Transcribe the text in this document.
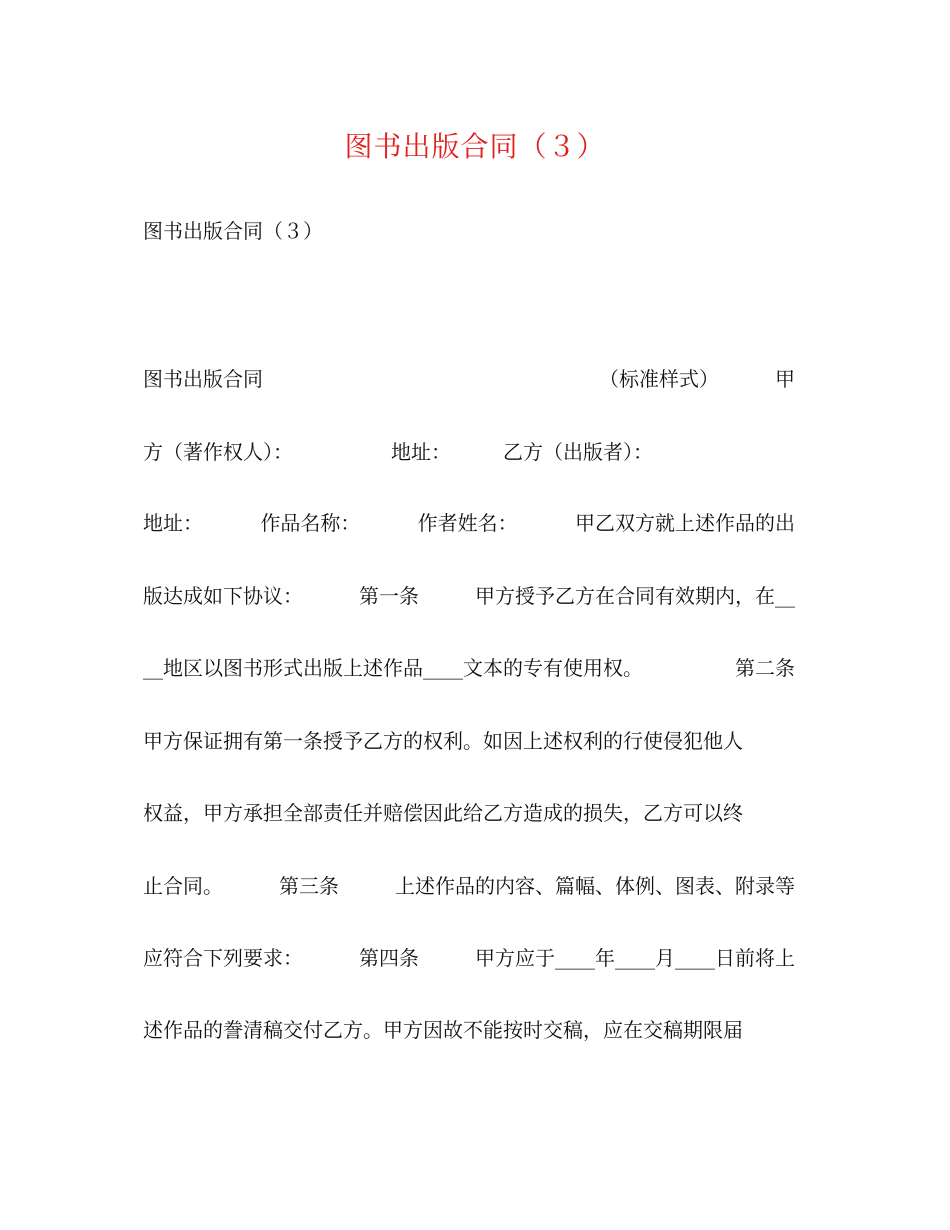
图书出版合同（３）
图书出版合同（３）
图书出版合同	（标准样式）	甲
方（著作权人）：	地址：	乙方（出版者）：
地址：	作品名称：	作者姓名：	甲乙双方就上述作品的出
版达成如下协议：	第一条	甲方授予乙方在合同有效期内，在__
__地区以图书形式出版上述作品____文本的专有使用权。	第二条
甲方保证拥有第一条授予乙方的权利。如因上述权利的行使侵犯他人
权益，甲方承担全部责任并赔偿因此给乙方造成的损失，乙方可以终
止合同。	第三条	上述作品的内容、篇幅、体例、图表、附录等
应符合下列要求：	第四条	甲方应于____年____月____日前将上
述作品的誊清稿交付乙方。甲方因故不能按时交稿，应在交稿期限届
